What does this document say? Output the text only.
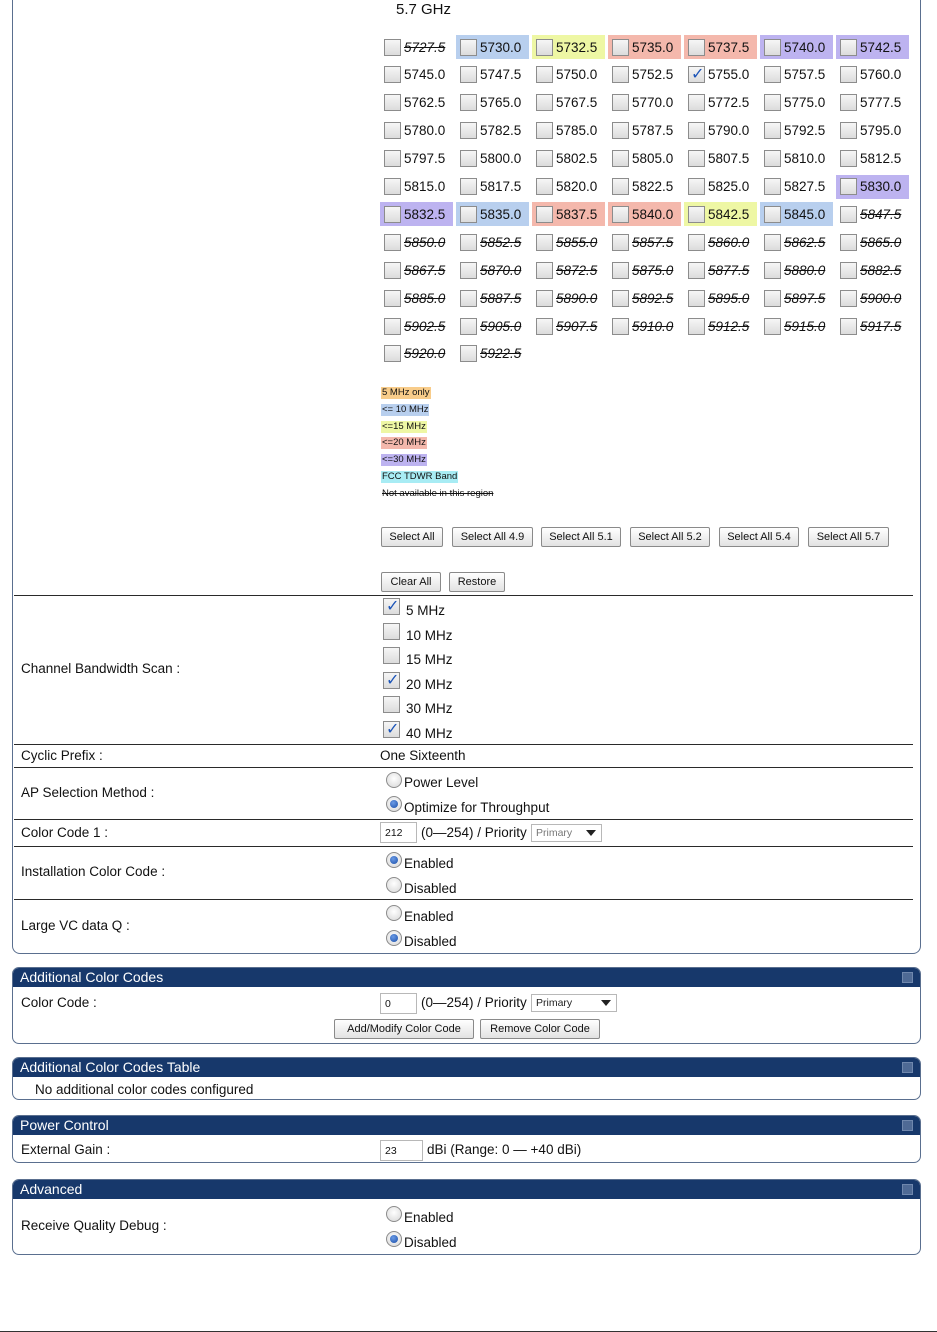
5.7 GHz
5727.5	5730.0	5732.5	5735.0	5737.5	5740.0	5742.5
5745.0	5747.5	5750.0	5752.5
✓	5755.0	5757.5	5760.0
5762.5	5765.0	5767.5	5770.0	5772.5	5775.0	5777.5
5780.0	5782.5	5785.0	5787.5	5790.0	5792.5	5795.0
5797.5	5800.0	5802.5	5805.0	5807.5	5810.0	5812.5
5815.0	5817.5	5820.0	5822.5	5825.0	5827.5	5830.0
5832.5	5835.0	5837.5	5840.0	5842.5	5845.0	5847.5
5850.0	5852.5	5855.0	5857.5	5860.0	5862.5	5865.0
5867.5	5870.0	5872.5	5875.0	5877.5	5880.0	5882.5
5885.0	5887.5	5890.0	5892.5	5895.0	5897.5	5900.0
5902.5	5905.0	5907.5	5910.0	5912.5	5915.0	5917.5
5920.0	5922.5
5 MHz only
<= 10 MHz
<=15 MHz
<=20 MHz
<=30 MHz
FCC TDWR Band
Not available in this region
Select All	Select All 4.9	Select All 5.1	Select All 5.2	Select All 5.4	Select All 5.7
Clear All	Restore
Channel Bandwidth Scan :
✓
5 MHz
10 MHz
15 MHz
✓
20 MHz
30 MHz
✓
40 MHz
Cyclic Prefix :	One Sixteenth
AP Selection Method :
Power Level
Optimize for Throughput
Color Code 1 :	212	(0—254) / Priority Primary
Installation Color Code :
Enabled
Disabled
Large VC data Q :
Enabled
Disabled
Additional Color Codes
Color Code :	0	(0—254) / Priority Primary
Add/Modify Color Code	Remove Color Code
Additional Color Codes Table
No additional color codes configured
Power Control
External Gain :	23	dBi (Range: 0 — +40 dBi)
Advanced
Receive Quality Debug :
Enabled
Disabled
